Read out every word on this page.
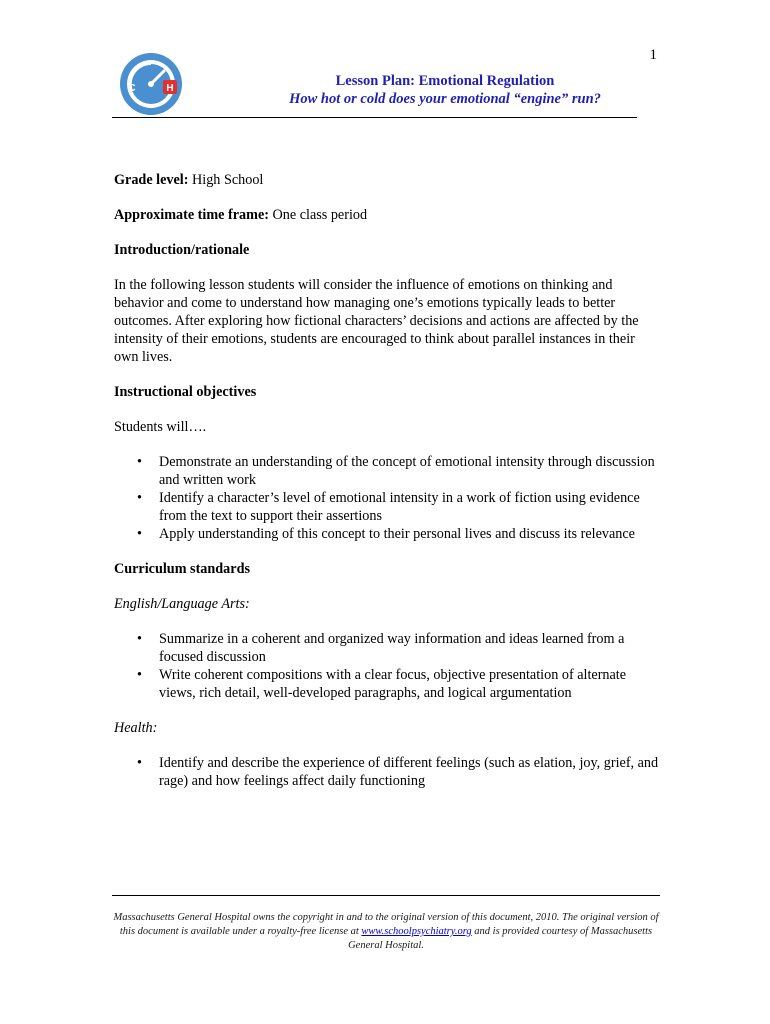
1
H
C	Lesson Plan: Emotional Regulation
How hot or cold does your emotional “engine” run?

Grade level: High School

Approximate time frame: One class period

Introduction/rationale

In the following lesson students will consider the influence of emotions on thinking and behavior and come to understand how managing one’s emotions typically leads to better outcomes. After exploring how fictional characters’ decisions and actions are affected by the intensity of their emotions, students are encouraged to think about parallel instances in their own lives.

Instructional objectives

Students will….

• Demonstrate an understanding of the concept of emotional intensity through discussion and written work
• Identify a character’s level of emotional intensity in a work of fiction using evidence from the text to support their assertions
• Apply understanding of this concept to their personal lives and discuss its relevance

Curriculum standards

English/Language Arts:

• Summarize in a coherent and organized way information and ideas learned from a focused discussion
• Write coherent compositions with a clear focus, objective presentation of alternate views, rich detail, well-developed paragraphs, and logical argumentation

Health:

• Identify and describe the experience of different feelings (such as elation, joy, grief, and rage) and how feelings affect daily functioning
Massachusetts General Hospital owns the copyright in and to the original version of this document, 2010. The original version of this document is available under a royalty-free license at www.schoolpsychiatry.org and is provided courtesy of Massachusetts General Hospital.
